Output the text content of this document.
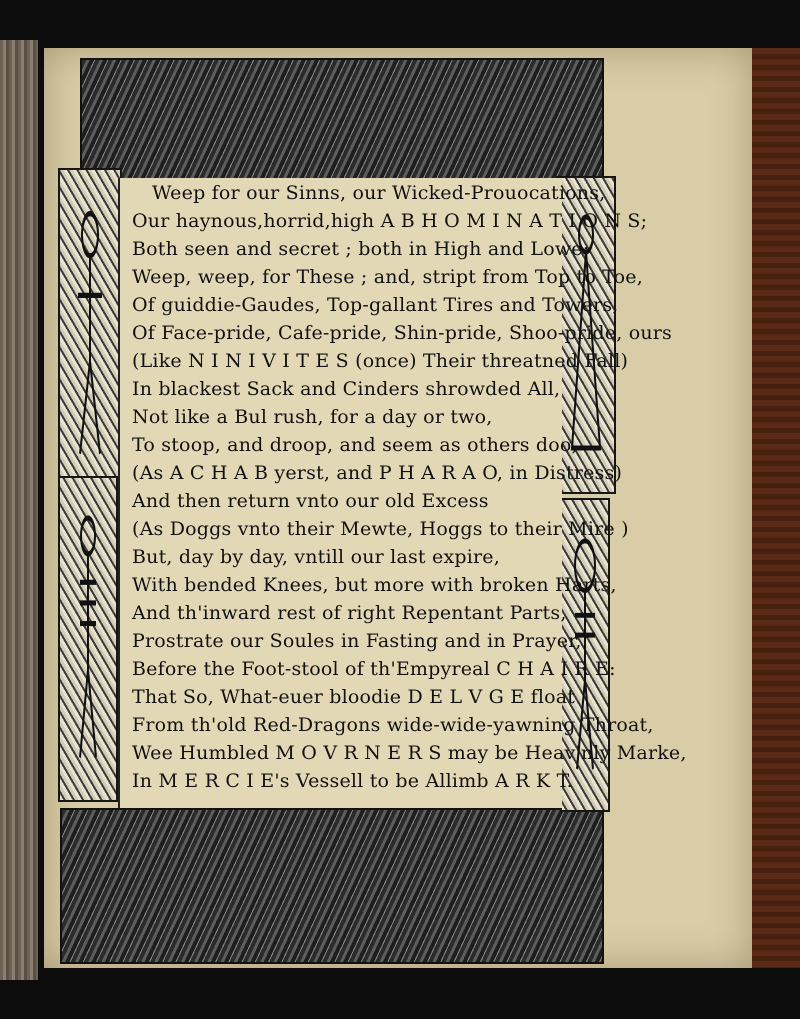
Weep for our Sinns, our Wicked-Prouocations,
Our haynous,horrid,high A B H O M I N A T I O N S;
Both seen and secret ; both in High and Lowe:
Weep, weep, for These ; and, stript from Top to Toe,
Of guiddie-Gaudes, Top-gallant Tires and Towers,
Of Face-pride, Cafe-pride, Shin-pride, Shoo-pride, ours
(Like N I N I V I T E S (once) Their threatned Fall)
In blackest Sack and Cinders shrowded All,
Not like a Bul rush, for a day or two,
To stoop, and droop, and seem as others doo,
(As A C H A B yerst, and P H A R A O, in Distress)
And then return vnto our old Excess
(As Doggs vnto their Mewte, Hoggs to their Mire )
But, day by day, vntill our last expire,
With bended Knees, but more with broken Harts,
And th'inward rest of right Repentant Parts,
Prostrate our Soules in Fasting and in Prayer,
Before the Foot-stool of th'Empyreal C H A I R E:
That So, What-euer bloodie D E L V G E float
From th'old Red-Dragons wide-wide-yawning Throat,
Wee Humbled M O V R N E R S may be Heav'nly Marke,
In M E R C I E's Vessell to be Allimb A R K T.
